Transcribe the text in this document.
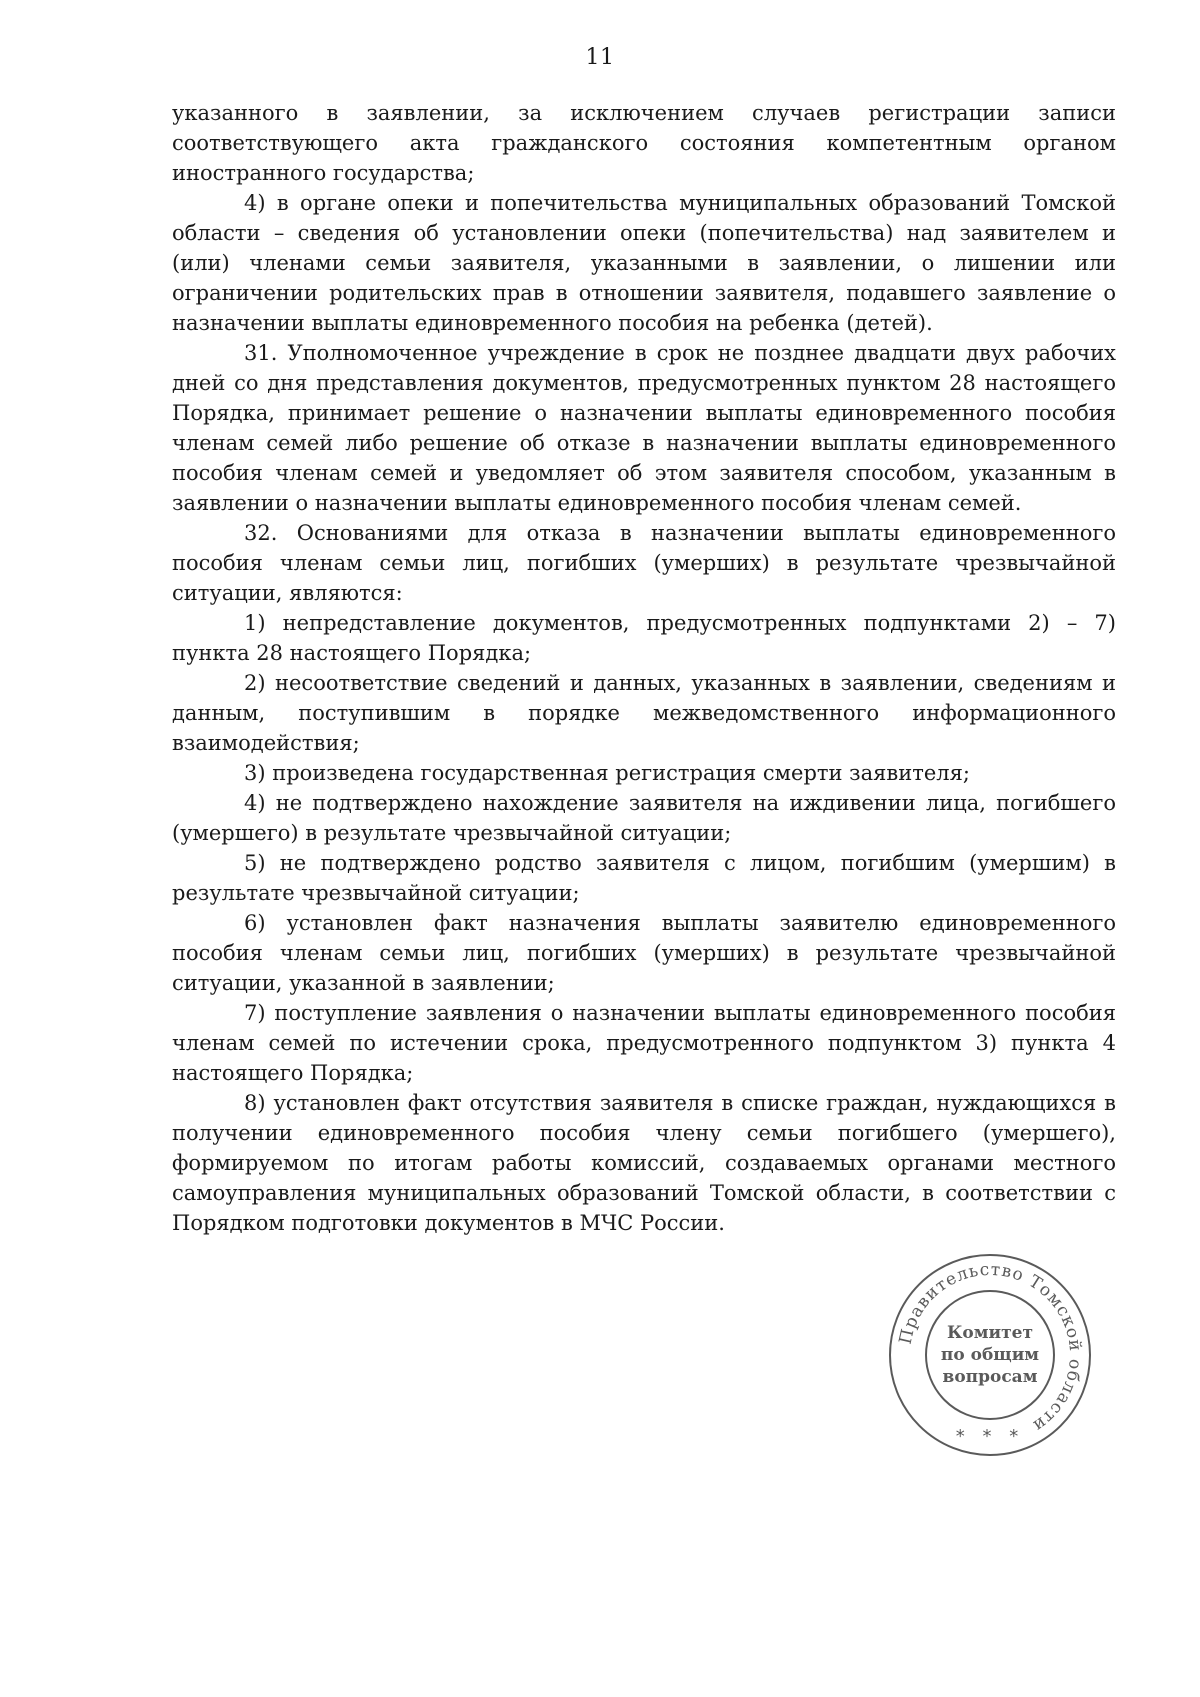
11

указанного в заявлении, за исключением случаев регистрации записи соответствующего акта гражданского состояния компетентным органом иностранного государства;

4) в органе опеки и попечительства муниципальных образований Томской области – сведения об установлении опеки (попечительства) над заявителем и (или) членами семьи заявителя, указанными в заявлении, о лишении или ограничении родительских прав в отношении заявителя, подавшего заявление о назначении выплаты единовременного пособия на ребенка (детей).

31. Уполномоченное учреждение в срок не позднее двадцати двух рабочих дней со дня представления документов, предусмотренных пунктом 28 настоящего Порядка, принимает решение о назначении выплаты единовременного пособия членам семей либо решение об отказе в назначении выплаты единовременного пособия членам семей и уведомляет об этом заявителя способом, указанным в заявлении о назначении выплаты единовременного пособия членам семей.

32. Основаниями для отказа в назначении выплаты единовременного пособия членам семьи лиц, погибших (умерших) в результате чрезвычайной ситуации, являются:

1) непредставление документов, предусмотренных подпунктами 2) – 7) пункта 28 настоящего Порядка;

2) несоответствие сведений и данных, указанных в заявлении, сведениям и данным, поступившим в порядке межведомственного информационного взаимодействия;

3) произведена государственная регистрация смерти заявителя;

4) не подтверждено нахождение заявителя на иждивении лица, погибшего (умершего) в результате чрезвычайной ситуации;

5) не подтверждено родство заявителя с лицом, погибшим (умершим) в результате чрезвычайной ситуации;

6) установлен факт назначения выплаты заявителю единовременного пособия членам семьи лиц, погибших (умерших) в результате чрезвычайной ситуации, указанной в заявлении;

7) поступление заявления о назначении выплаты единовременного пособия членам семей по истечении срока, предусмотренного подпунктом 3) пункта 4 настоящего Порядка;

8) установлен факт отсутствия заявителя в списке граждан, нуждающихся в получении единовременного пособия члену семьи погибшего (умершего), формируемом по итогам работы комиссий, создаваемых органами местного самоуправления муниципальных образований Томской области, в соответствии с Порядком подготовки документов в МЧС России.

Правительство Томской области
Комитет
по общим
вопросам
* * *
